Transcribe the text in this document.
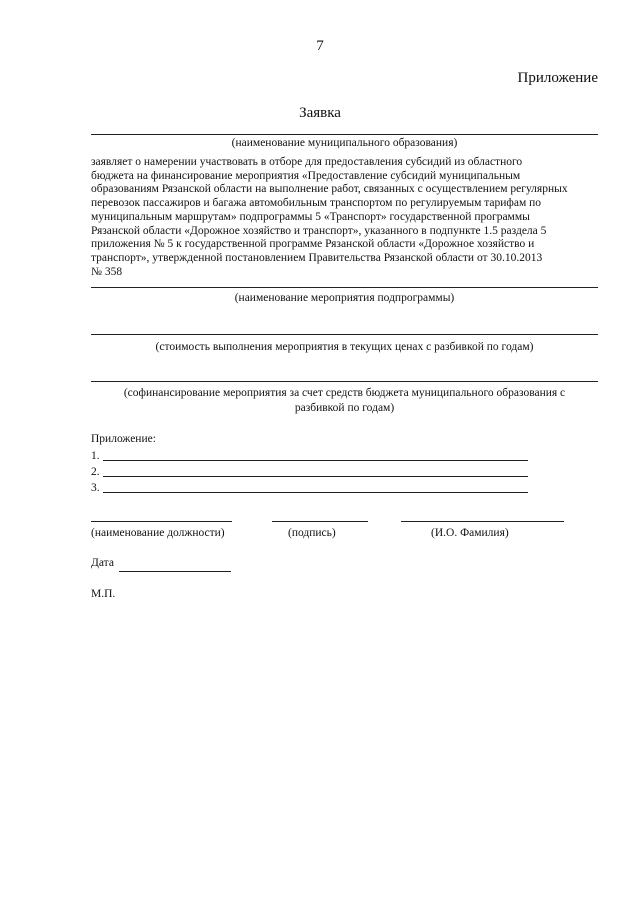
7
Приложение
Заявка
(наименование муниципального образования)
заявляет о намерении участвовать в отборе для предоставления субсидий из областного
бюджета на финансирование мероприятия «Предоставление субсидий муниципальным
образованиям Рязанской области на выполнение работ, связанных с осуществлением регулярных
перевозок пассажиров и багажа автомобильным транспортом по регулируемым тарифам по
муниципальным маршрутам» подпрограммы 5 «Транспорт» государственной программы
Рязанской области «Дорожное хозяйство и транспорт», указанного в подпункте 1.5 раздела 5
приложения № 5 к государственной программе Рязанской области «Дорожное хозяйство и
транспорт», утвержденной постановлением Правительства Рязанской области от 30.10.2013
№ 358
(наименование мероприятия подпрограммы)
(стоимость выполнения мероприятия в текущих ценах с разбивкой по годам)
(софинансирование мероприятия за счет средств бюджета муниципального образования с
разбивкой по годам)
Приложение:
1.
2.
3.
(наименование должности)	(подпись)	(И.О. Фамилия)
Дата
М.П.
